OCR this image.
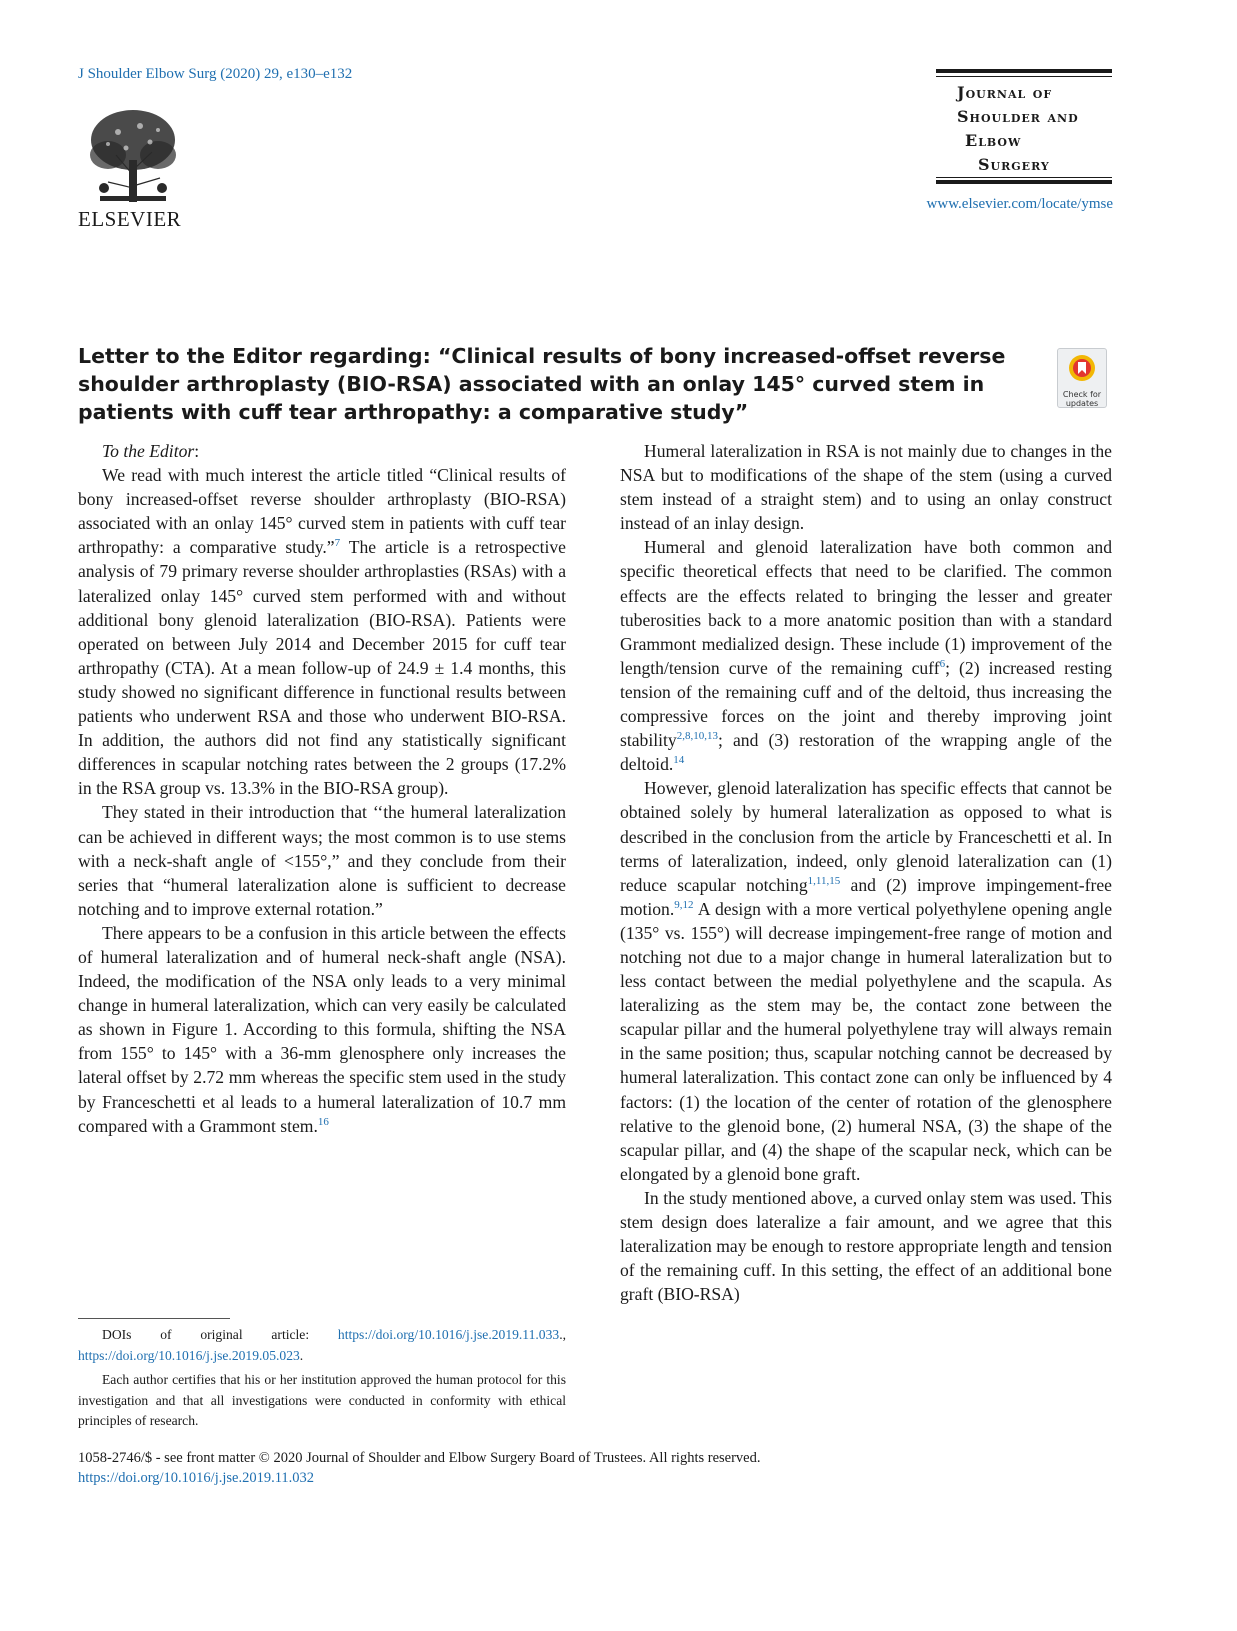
J Shoulder Elbow Surg (2020) 29, e130–e132
ELSEVIER
Journal of
Shoulder and
Elbow
Surgery
www.elsevier.com/locate/ymse
Letter to the Editor regarding: “Clinical results of bony increased-offset reverse shoulder arthroplasty (BIO-RSA) associated with an onlay 145° curved stem in patients with cuff tear arthropathy: a comparative study”
Check for updates

To the Editor:

We read with much interest the article titled “Clinical results of bony increased-offset reverse shoulder arthroplasty (BIO-RSA) associated with an onlay 145° curved stem in patients with cuff tear arthropathy: a comparative study.”$^7$ The article is a retrospective analysis of 79 primary reverse shoulder arthroplasties (RSAs) with a lateralized onlay 145° curved stem performed with and without additional bony glenoid lateralization (BIO-RSA). Patients were operated on between July 2014 and December 2015 for cuff tear arthropathy (CTA). At a mean follow-up of 24.9 ± 1.4 months, this study showed no significant difference in functional results between patients who underwent RSA and those who underwent BIO-RSA. In addition, the authors did not find any statistically significant differences in scapular notching rates between the 2 groups (17.2% in the RSA group vs. 13.3% in the BIO-RSA group).

They stated in their introduction that ‘‘the humeral lateralization can be achieved in different ways; the most common is to use stems with a neck-shaft angle of <155°,” and they conclude from their series that “humeral lateralization alone is sufficient to decrease notching and to improve external rotation.”

There appears to be a confusion in this article between the effects of humeral lateralization and of humeral neck-shaft angle (NSA). Indeed, the modification of the NSA only leads to a very minimal change in humeral lateralization, which can very easily be calculated as shown in Figure 1. According to this formula, shifting the NSA from 155° to 145° with a 36-mm glenosphere only increases the lateral offset by 2.72 mm whereas the specific stem used in the study by Franceschetti et al leads to a humeral lateralization of 10.7 mm compared with a Grammont stem.$^{16}$

Humeral lateralization in RSA is not mainly due to changes in the NSA but to modifications of the shape of the stem (using a curved stem instead of a straight stem) and to using an onlay construct instead of an inlay design.

Humeral and glenoid lateralization have both common and specific theoretical effects that need to be clarified. The common effects are the effects related to bringing the lesser and greater tuberosities back to a more anatomic position than with a standard Grammont medialized design. These include (1) improvement of the length/tension curve of the remaining cuff$^6$; (2) increased resting tension of the remaining cuff and of the deltoid, thus increasing the compressive forces on the joint and thereby improving joint stability$^{2,8,10,13}$; and (3) restoration of the wrapping angle of the deltoid.$^{14}$

However, glenoid lateralization has specific effects that cannot be obtained solely by humeral lateralization as opposed to what is described in the conclusion from the article by Franceschetti et al. In terms of lateralization, indeed, only glenoid lateralization can (1) reduce scapular notching$^{1,11,15}$ and (2) improve impingement-free motion.$^{9,12}$ A design with a more vertical polyethylene opening angle (135° vs. 155°) will decrease impingement-free range of motion and notching not due to a major change in humeral lateralization but to less contact between the medial polyethylene and the scapula. As lateralizing as the stem may be, the contact zone between the scapular pillar and the humeral polyethylene tray will always remain in the same position; thus, scapular notching cannot be decreased by humeral lateralization. This contact zone can only be influenced by 4 factors: (1) the location of the center of rotation of the glenosphere relative to the glenoid bone, (2) humeral NSA, (3) the shape of the scapular pillar, and (4) the shape of the scapular neck, which can be elongated by a glenoid bone graft.

In the study mentioned above, a curved onlay stem was used. This stem design does lateralize a fair amount, and we agree that this lateralization may be enough to restore appropriate length and tension of the remaining cuff. In this setting, the effect of an additional bone graft (BIO-RSA)

DOIs of original article: https://doi.org/10.1016/j.jse.2019.11.033., https://doi.org/10.1016/j.jse.2019.05.023.

Each author certifies that his or her institution approved the human protocol for this investigation and that all investigations were conducted in conformity with ethical principles of research.

1058-2746/$ - see front matter © 2020 Journal of Shoulder and Elbow Surgery Board of Trustees. All rights reserved.
https://doi.org/10.1016/j.jse.2019.11.032
